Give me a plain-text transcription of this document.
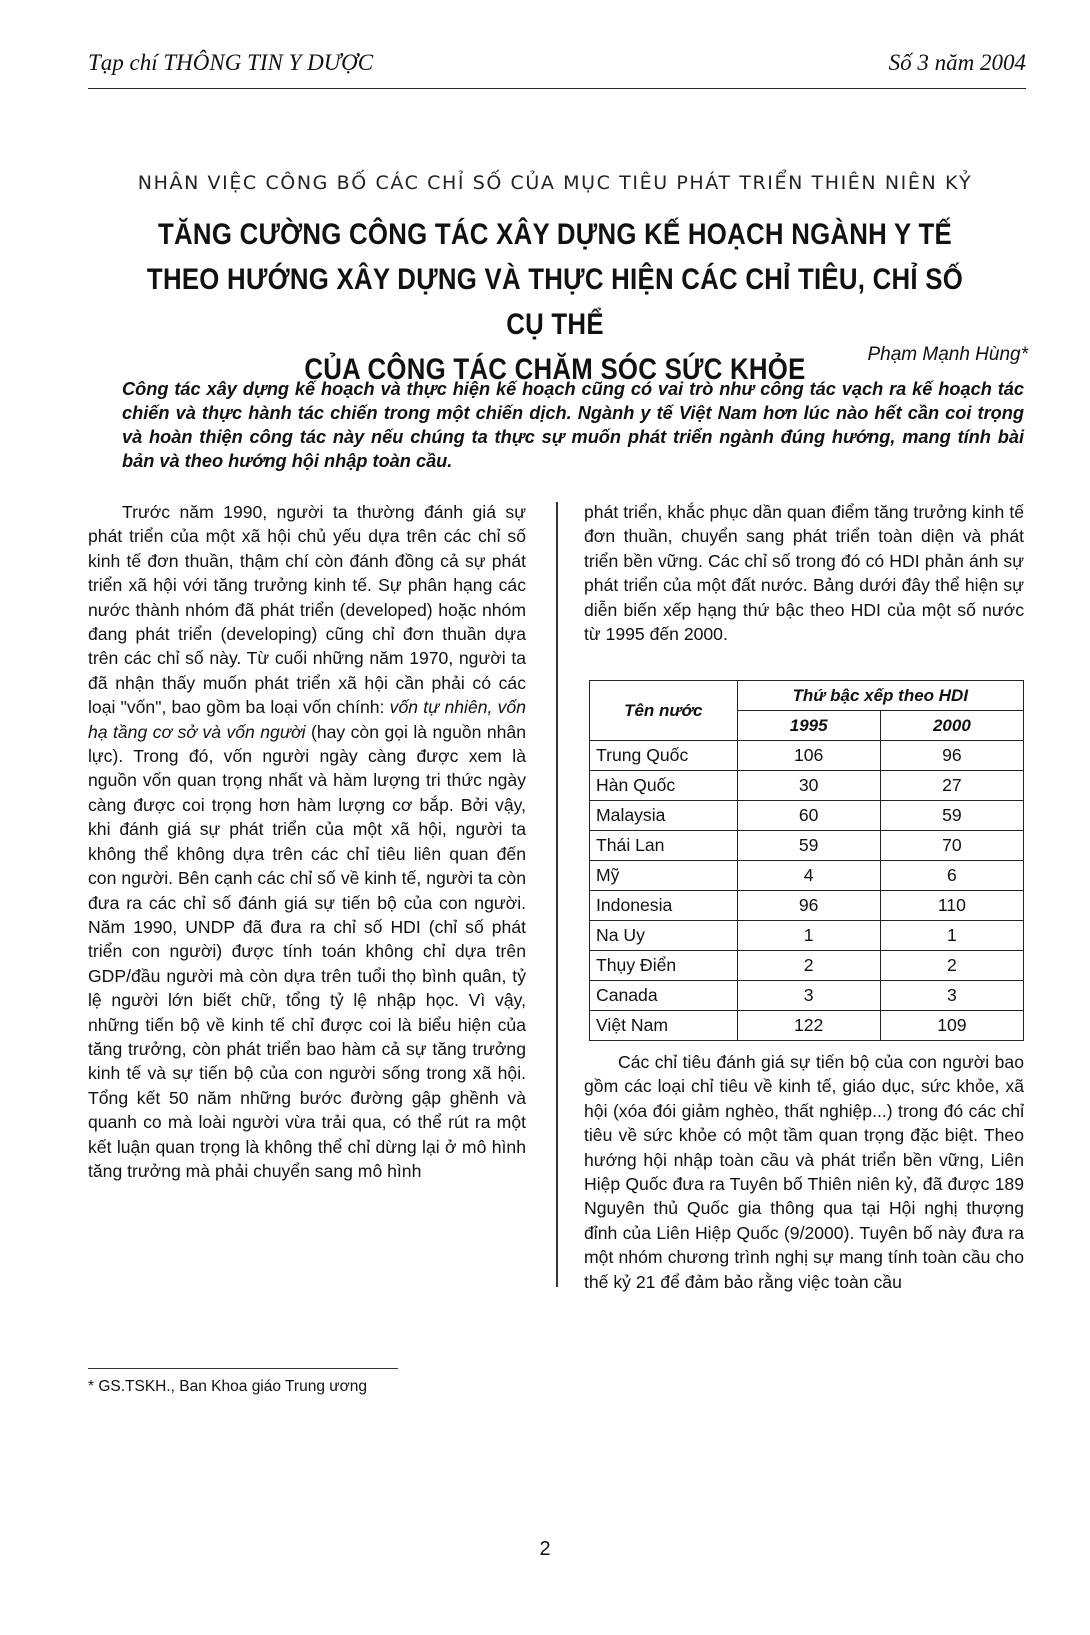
Tạp chí THÔNG TIN Y DƯỢC	Số 3 năm 2004
NHÂN VIỆC CÔNG BỐ CÁC CHỈ SỐ CỦA MỤC TIÊU PHÁT TRIỂN THIÊN NIÊN KỶ
TĂNG CƯỜNG CÔNG TÁC XÂY DỰNG KẾ HOẠCH NGÀNH Y TẾ
THEO HƯỚNG XÂY DỰNG VÀ THỰC HIỆN CÁC CHỈ TIÊU, CHỈ SỐ CỤ THỂ
CỦA CÔNG TÁC CHĂM SÓC SỨC KHỎE	Phạm Mạnh Hùng*
Công tác xây dựng kế hoạch và thực hiện kế hoạch cũng có vai trò như công tác vạch ra kế hoạch tác chiến và thực hành tác chiến trong một chiến dịch. Ngành y tế Việt Nam hơn lúc nào hết cần coi trọng và hoàn thiện công tác này nếu chúng ta thực sự muốn phát triển ngành đúng hướng, mang tính bài bản và theo hướng hội nhập toàn cầu.

Trước năm 1990, người ta thường đánh giá sự phát triển của một xã hội chủ yếu dựa trên các chỉ số kinh tế đơn thuần, thậm chí còn đánh đồng cả sự phát triển xã hội với tăng trưởng kinh tế. Sự phân hạng các nước thành nhóm đã phát triển (developed) hoặc nhóm đang phát triển (developing) cũng chỉ đơn thuần dựa trên các chỉ số này. Từ cuối những năm 1970, người ta đã nhận thấy muốn phát triển xã hội cần phải có các loại "vốn", bao gồm ba loại vốn chính: vốn tự nhiên, vốn hạ tầng cơ sở và vốn người (hay còn gọi là nguồn nhân lực). Trong đó, vốn người ngày càng được xem là nguồn vốn quan trọng nhất và hàm lượng tri thức ngày càng được coi trọng hơn hàm lượng cơ bắp. Bởi vậy, khi đánh giá sự phát triển của một xã hội, người ta không thể không dựa trên các chỉ tiêu liên quan đến con người. Bên cạnh các chỉ số về kinh tế, người ta còn đưa ra các chỉ số đánh giá sự tiến bộ của con người. Năm 1990, UNDP đã đưa ra chỉ số HDI (chỉ số phát triển con người) được tính toán không chỉ dựa trên GDP/đầu người mà còn dựa trên tuổi thọ bình quân, tỷ lệ người lớn biết chữ, tổng tỷ lệ nhập học. Vì vậy, những tiến bộ về kinh tế chỉ được coi là biểu hiện của tăng trưởng, còn phát triển bao hàm cả sự tăng trưởng kinh tế và sự tiến bộ của con người sống trong xã hội. Tổng kết 50 năm những bước đường gập ghềnh và quanh co mà loài người vừa trải qua, có thể rút ra một kết luận quan trọng là không thể chỉ dừng lại ở mô hình tăng trưởng mà phải chuyển sang mô hình

phát triển, khắc phục dần quan điểm tăng trưởng kinh tế đơn thuần, chuyển sang phát triển toàn diện và phát triển bền vững. Các chỉ số trong đó có HDI phản ánh sự phát triển của một đất nước. Bảng dưới đây thể hiện sự diễn biến xếp hạng thứ bậc theo HDI của một số nước từ 1995 đến 2000.

Tên nước	Thứ bậc xếp theo HDI	
	1995	2000
Trung Quốc	106	96
Hàn Quốc	30	27
Malaysia	60	59
Thái Lan	59	70
Mỹ	4	6
Indonesia	96	110
Na Uy	1	1
Thụy Điển	2	2
Canada	3	3
Việt Nam	122	109

Các chỉ tiêu đánh giá sự tiến bộ của con người bao gồm các loại chỉ tiêu về kinh tế, giáo dục, sức khỏe, xã hội (xóa đói giảm nghèo, thất nghiệp...) trong đó các chỉ tiêu về sức khỏe có một tầm quan trọng đặc biệt. Theo hướng hội nhập toàn cầu và phát triển bền vững, Liên Hiệp Quốc đưa ra Tuyên bố Thiên niên kỷ, đã được 189 Nguyên thủ Quốc gia thông qua tại Hội nghị thượng đỉnh của Liên Hiệp Quốc (9/2000). Tuyên bố này đưa ra một nhóm chương trình nghị sự mang tính toàn cầu cho thế kỷ 21 để đảm bảo rằng việc toàn cầu

* GS.TSKH., Ban Khoa giáo Trung ương
2
